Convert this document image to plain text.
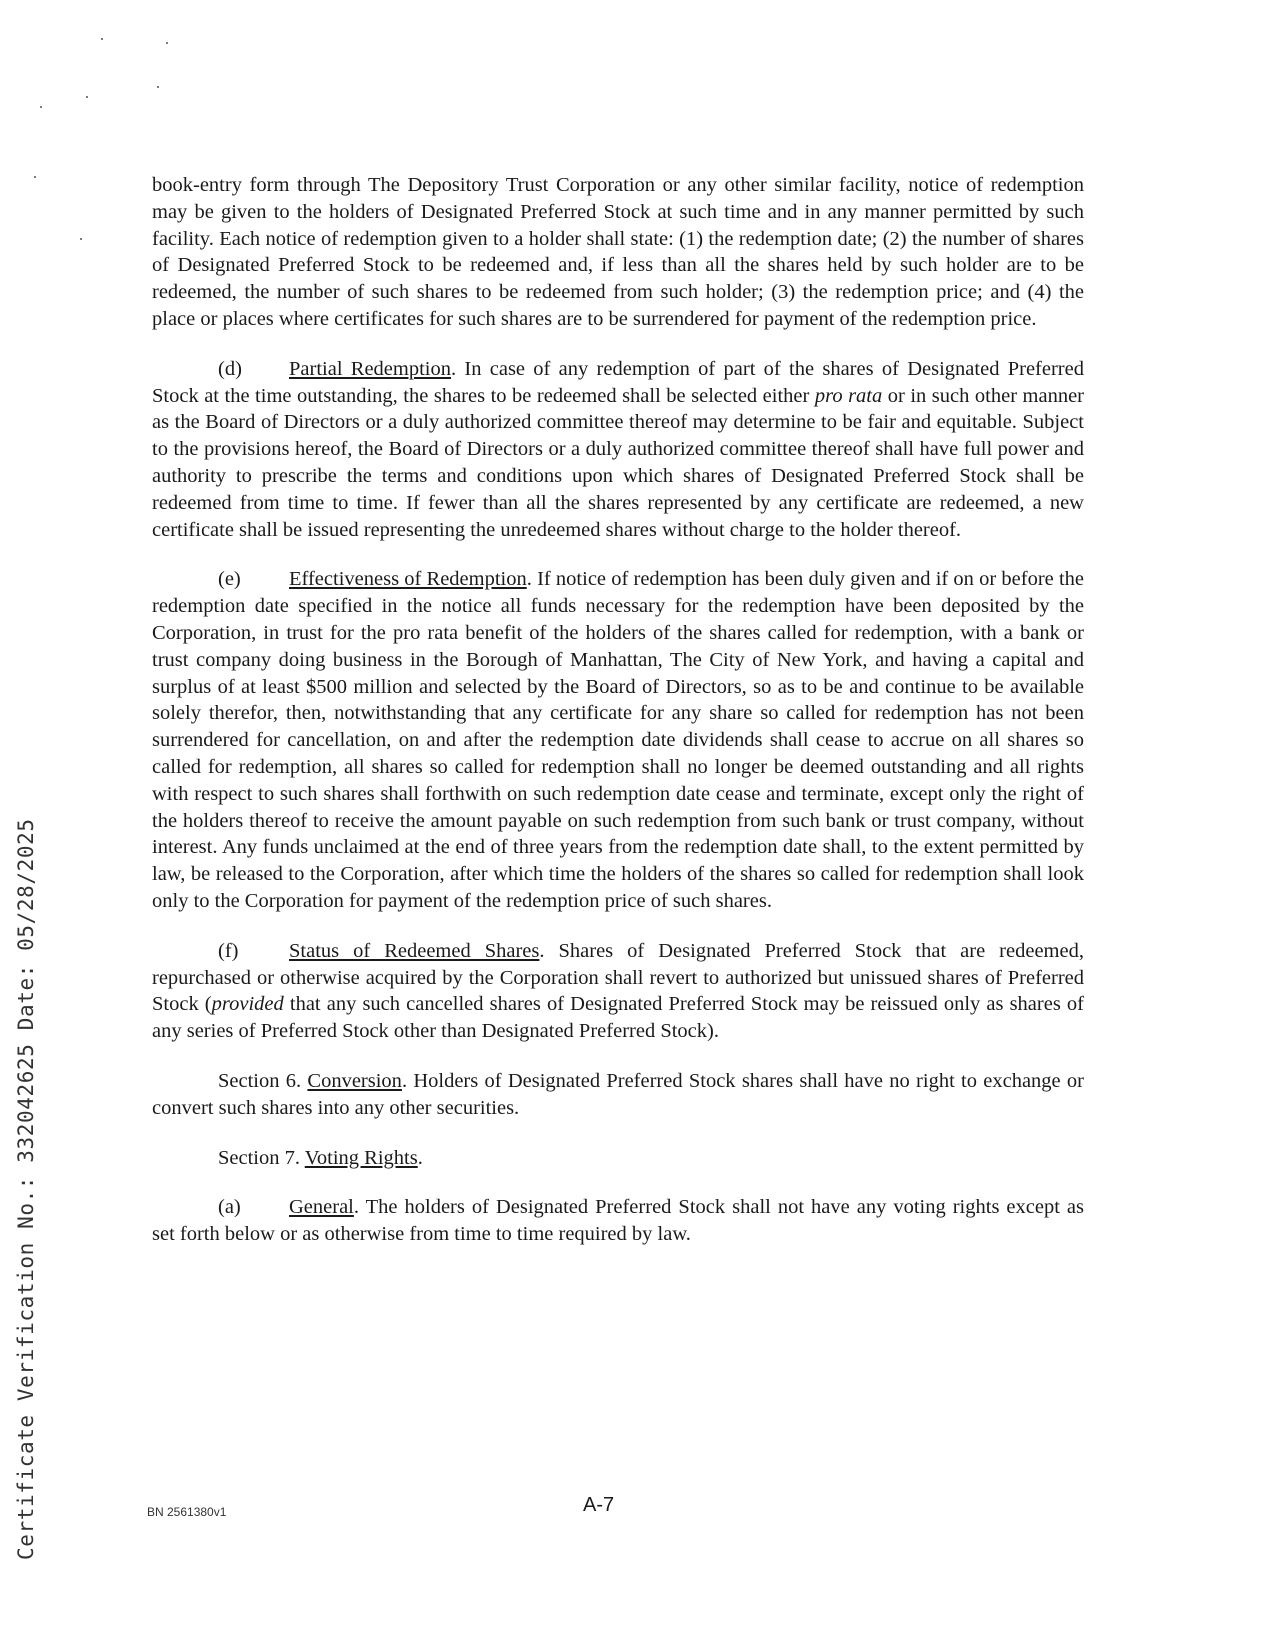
book-entry form through The Depository Trust Corporation or any other similar facility, notice of redemption may be given to the holders of Designated Preferred Stock at such time and in any manner permitted by such facility. Each notice of redemption given to a holder shall state: (1) the redemption date; (2) the number of shares of Designated Preferred Stock to be redeemed and, if less than all the shares held by such holder are to be redeemed, the number of such shares to be redeemed from such holder; (3) the redemption price; and (4) the place or places where certificates for such shares are to be surrendered for payment of the redemption price.

(d) Partial Redemption. In case of any redemption of part of the shares of Designated Preferred Stock at the time outstanding, the shares to be redeemed shall be selected either pro rata or in such other manner as the Board of Directors or a duly authorized committee thereof may determine to be fair and equitable. Subject to the provisions hereof, the Board of Directors or a duly authorized committee thereof shall have full power and authority to prescribe the terms and conditions upon which shares of Designated Preferred Stock shall be redeemed from time to time. If fewer than all the shares represented by any certificate are redeemed, a new certificate shall be issued representing the unredeemed shares without charge to the holder thereof.

(e) Effectiveness of Redemption. If notice of redemption has been duly given and if on or before the redemption date specified in the notice all funds necessary for the redemption have been deposited by the Corporation, in trust for the pro rata benefit of the holders of the shares called for redemption, with a bank or trust company doing business in the Borough of Manhattan, The City of New York, and having a capital and surplus of at least $500 million and selected by the Board of Directors, so as to be and continue to be available solely therefor, then, notwithstanding that any certificate for any share so called for redemption has not been surrendered for cancellation, on and after the redemption date dividends shall cease to accrue on all shares so called for redemption, all shares so called for redemption shall no longer be deemed outstanding and all rights with respect to such shares shall forthwith on such redemption date cease and terminate, except only the right of the holders thereof to receive the amount payable on such redemption from such bank or trust company, without interest. Any funds unclaimed at the end of three years from the redemption date shall, to the extent permitted by law, be released to the Corporation, after which time the holders of the shares so called for redemption shall look only to the Corporation for payment of the redemption price of such shares.

(f) Status of Redeemed Shares. Shares of Designated Preferred Stock that are redeemed, repurchased or otherwise acquired by the Corporation shall revert to authorized but unissued shares of Preferred Stock (provided that any such cancelled shares of Designated Preferred Stock may be reissued only as shares of any series of Preferred Stock other than Designated Preferred Stock).

Section 6. Conversion. Holders of Designated Preferred Stock shares shall have no right to exchange or convert such shares into any other securities.

Section 7. Voting Rights.

(a) General. The holders of Designated Preferred Stock shall not have any voting rights except as set forth below or as otherwise from time to time required by law.

BN 2561380v1	A-7
Certificate Verification No.: 332042625 Date: 05/28/2025
